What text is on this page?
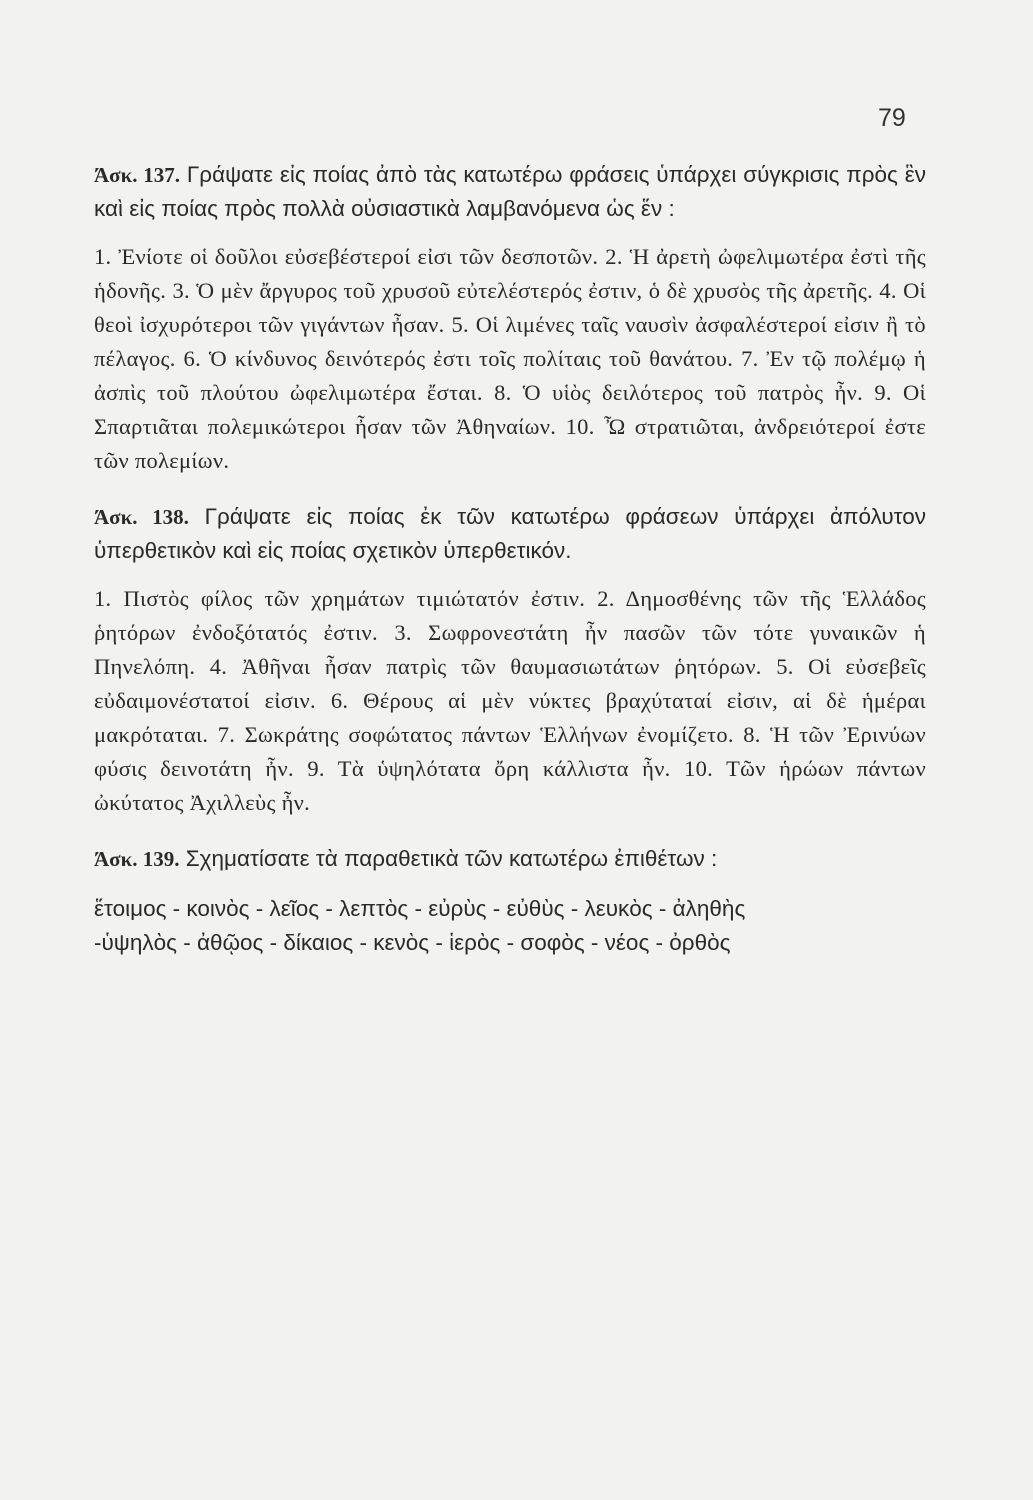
79

Άσκ. 137. Γράψατε εἰς ποίας ἀπὸ τὰς κατωτέρω φράσεις ὑπάρχει σύγκρισις πρὸς ἓν καὶ εἰς ποίας πρὸς πολλὰ οὐσιαστικὰ λαμβανόμενα ὡς ἕν :

1. Ἐνίοτε οἱ δοῦλοι εὐσεβέστεροί εἰσι τῶν δεσποτῶν. 2. Ἡ ἀρετὴ ὠφελιμωτέρα ἐστὶ τῆς ἡδονῆς. 3. Ὁ μὲν ἄργυρος τοῦ χρυσοῦ εὐτελέστερός ἐστιν, ὁ δὲ χρυσὸς τῆς ἀρετῆς. 4. Οἱ θεοὶ ἰσχυρότεροι τῶν γιγάντων ἦσαν. 5. Οἱ λιμένες ταῖς ναυσὶν ἀσφαλέστεροί εἰσιν ἢ τὸ πέλαγος. 6. Ὁ κίνδυνος δεινότερός ἐστι τοῖς πολίταις τοῦ θανάτου. 7. Ἐν τῷ πολέμῳ ἡ ἀσπὶς τοῦ πλούτου ὠφελιμωτέρα ἔσται. 8. Ὁ υἱὸς δειλότερος τοῦ πατρὸς ἦν. 9. Οἱ Σπαρτιᾶται πολεμικώτεροι ἦσαν τῶν Ἀθηναίων. 10. Ὦ στρατιῶται, ἀνδρειότεροί ἐστε τῶν πολεμίων.

Άσκ. 138. Γράψατε εἰς ποίας ἐκ τῶν κατωτέρω φράσεων ὑπάρχει ἀπόλυτον ὑπερθετικὸν καὶ εἰς ποίας σχετικὸν ὑπερθετικόν.

1. Πιστὸς φίλος τῶν χρημάτων τιμιώτατόν ἐστιν. 2. Δημοσθένης τῶν τῆς Ἑλλάδος ῥητόρων ἐνδοξότατός ἐστιν. 3. Σωφρονεστάτη ἦν πασῶν τῶν τότε γυναικῶν ἡ Πηνελόπη. 4. Ἀθῆναι ἦσαν πατρὶς τῶν θαυμασιωτάτων ῥητόρων. 5. Οἱ εὐσεβεῖς εὐδαιμονέστατοί εἰσιν. 6. Θέρους αἱ μὲν νύκτες βραχύταταί εἰσιν, αἱ δὲ ἡμέραι μακρόταται. 7. Σωκράτης σοφώτατος πάντων Ἑλλήνων ἐνομίζετο. 8. Ἡ τῶν Ἐρινύων φύσις δεινοτάτη ἦν. 9. Τὰ ὑψηλότατα ὄρη κάλλιστα ἦν. 10. Τῶν ἡρώων πάντων ὠκύτατος Ἀχιλλεὺς ἦν.

Άσκ. 139. Σχηματίσατε τὰ παραθετικὰ τῶν κατωτέρω ἐπιθέτων :

ἕτοιμος - κοινὸς - λεῖος - λεπτὸς - εὐρὺς - εὐθὺς - λευκὸς - ἀληθὴς

-ὑψηλὸς - ἀθῷος - δίκαιος - κενὸς - ἱερὸς - σοφὸς - νέος - ὀρθὸς
